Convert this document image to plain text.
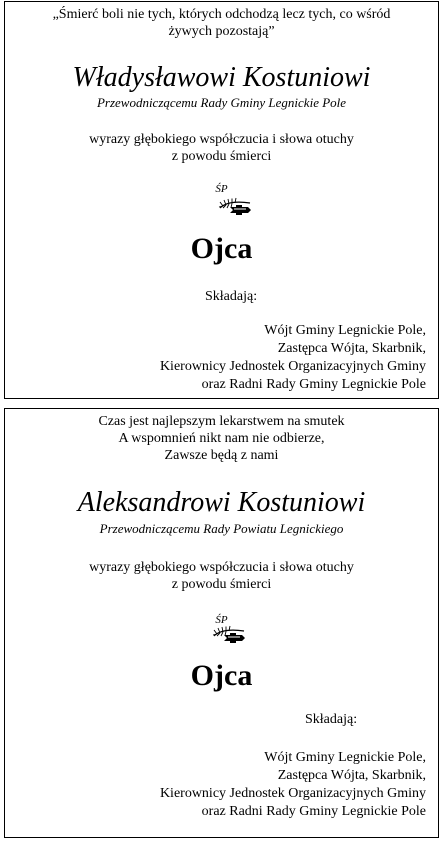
„Śmierć boli nie tych, których odchodzą lecz tych, co wśród
żywych pozostają”
Władysławowi Kostuniowi
Przewodniczącemu Rady Gminy Legnickie Pole
wyrazy głębokiego współczucia i słowa otuchy
z powodu śmierci
ŚP
Ojca
Składają:
Wójt Gminy Legnickie Pole,
Zastępca Wójta, Skarbnik,
Kierownicy Jednostek Organizacyjnych Gminy
oraz Radni Rady Gminy Legnickie Pole
Czas jest najlepszym lekarstwem na smutek
A wspomnień nikt nam nie odbierze,
Zawsze będą z nami
Aleksandrowi Kostuniowi
Przewodniczącemu Rady Powiatu Legnickiego
wyrazy głębokiego współczucia i słowa otuchy
z powodu śmierci
ŚP
Ojca
Składają:
Wójt Gminy Legnickie Pole,
Zastępca Wójta, Skarbnik,
Kierownicy Jednostek Organizacyjnych Gminy
oraz Radni Rady Gminy Legnickie Pole
